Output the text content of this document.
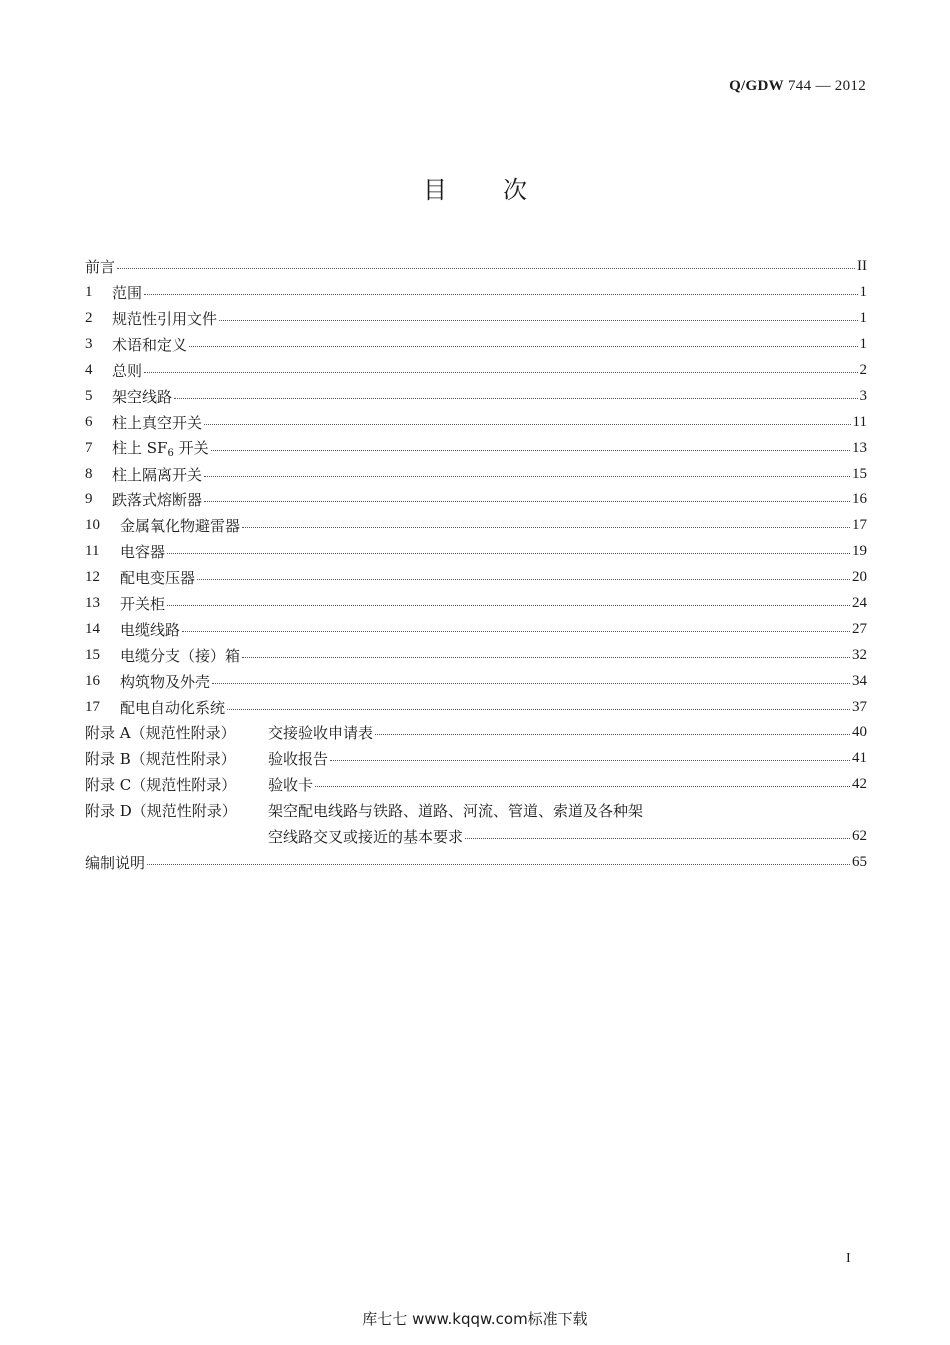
Q/GDW 744 — 2012
目 次
前言	II
1	范围	1
2	规范性引用文件	1
3	术语和定义	1
4	总则	2
5	架空线路	3
6	柱上真空开关	11
7	柱上 $SF_6$ 开关	13
8	柱上隔离开关	15
9	跌落式熔断器	16
10	金属氧化物避雷器	17
11	电容器	19
12	配电变压器	20
13	开关柜	24
14	电缆线路	27
15	电缆分支（接）箱	32
16	构筑物及外壳	34
17	配电自动化系统	37
附录 A（规范性附录）	交接验收申请表	40
附录 B（规范性附录）	验收报告	41
附录 C（规范性附录）	验收卡	42
附录 D（规范性附录）	架空配电线路与铁路、道路、河流、管道、索道及各种架
空线路交叉或接近的基本要求	62
编制说明	65
I
库七七 www.kqqw.com标准下载
